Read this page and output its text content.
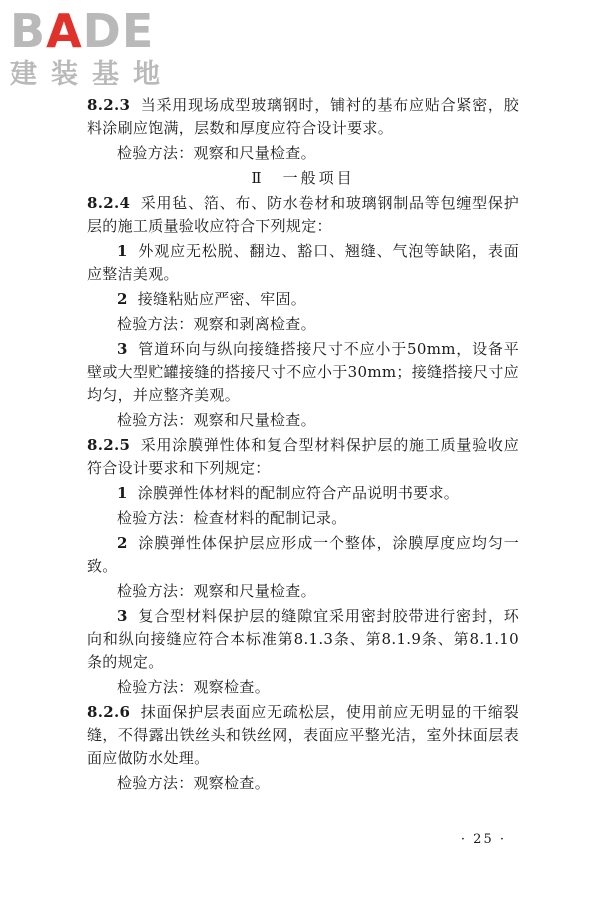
BADE
建装基地

8.2.3 当采用现场成型玻璃钢时，铺衬的基布应贴合紧密，胶料涂刷应饱满，层数和厚度应符合设计要求。

检验方法：观察和尺量检查。

Ⅱ　一般项目

8.2.4 采用毡、箔、布、防水卷材和玻璃钢制品等包缠型保护层的施工质量验收应符合下列规定：

1 外观应无松脱、翻边、豁口、翘缝、气泡等缺陷，表面应整洁美观。

2 接缝粘贴应严密、牢固。

检验方法：观察和剥离检查。

3 管道环向与纵向接缝搭接尺寸不应小于50mm，设备平壁或大型贮罐接缝的搭接尺寸不应小于30mm；接缝搭接尺寸应均匀，并应整齐美观。

检验方法：观察和尺量检查。

8.2.5 采用涂膜弹性体和复合型材料保护层的施工质量验收应符合设计要求和下列规定：

1 涂膜弹性体材料的配制应符合产品说明书要求。

检验方法：检查材料的配制记录。

2 涂膜弹性体保护层应形成一个整体，涂膜厚度应均匀一致。

检验方法：观察和尺量检查。

3 复合型材料保护层的缝隙宜采用密封胶带进行密封，环向和纵向接缝应符合本标准第8.1.3条、第8.1.9条、第8.1.10条的规定。

检验方法：观察检查。

8.2.6 抹面保护层表面应无疏松层，使用前应无明显的干缩裂缝，不得露出铁丝头和铁丝网，表面应平整光洁，室外抹面层表面应做防水处理。

检验方法：观察检查。

· 25 ·
